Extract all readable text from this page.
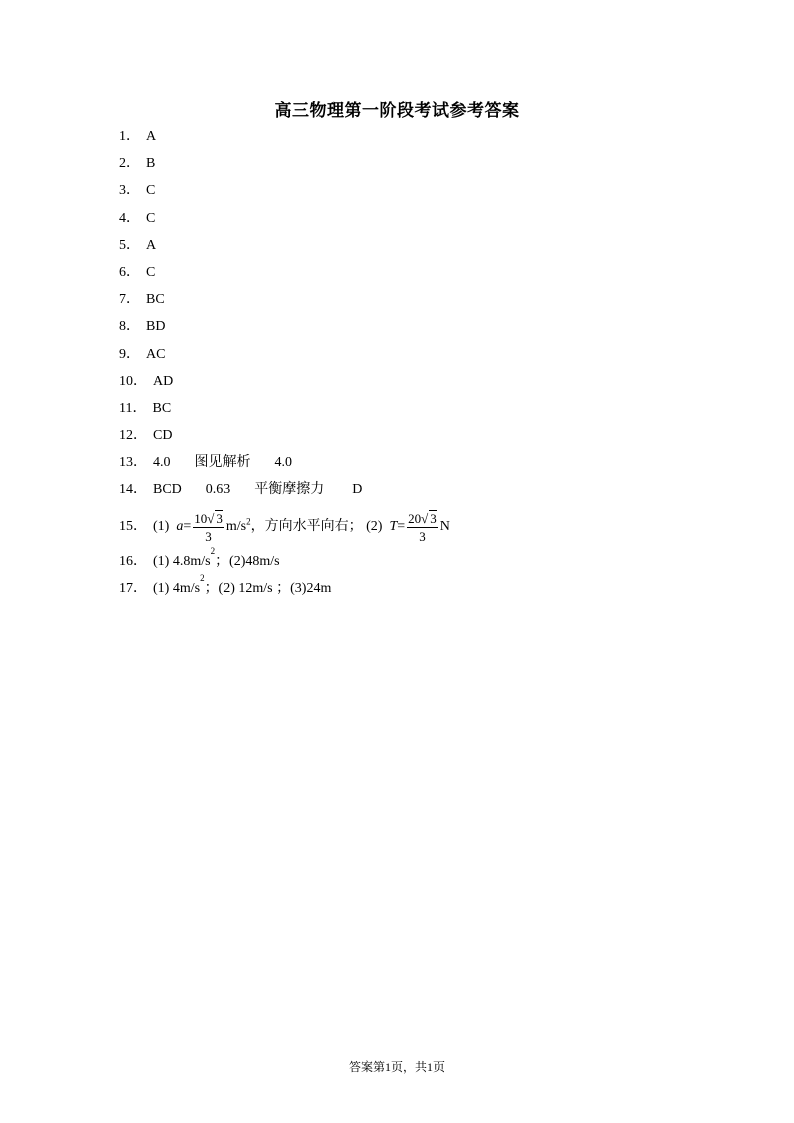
高三物理第一阶段考试参考答案
1． A
2． B
3． C
4． C
5． A
6． C
7． BC
8． BD
9． AC
10． AD
11． BC
12． CD
13． 4.0 图见解析 4.0
14． BCD 0.63 平衡摩擦力 D
15． (1)
$a = \frac{10√ 3}{3} m/s^2$ ，方向水平向右；
(2)
$T = \frac{20√ 3}{3}$ N
16． (1) 4.8m/s
2
；(2)48m/s
17． (1) 4m/s
2
；(2) 12m/s ；(3)24m
答案第1页，共1页
